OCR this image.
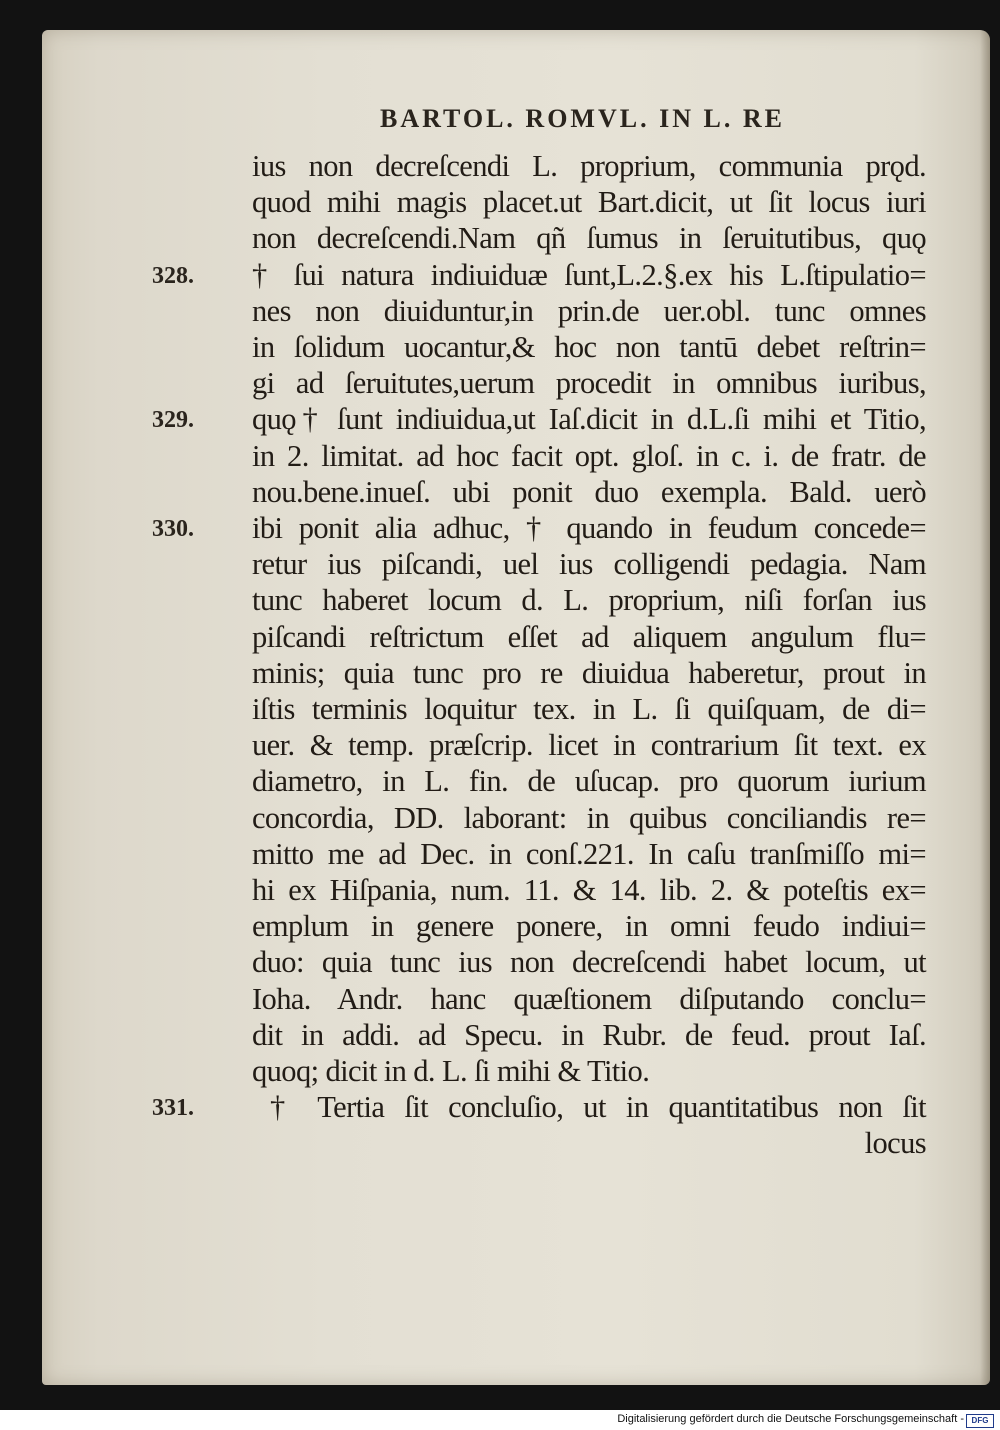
BARTOL. ROMVL. IN L. RE
ius non decreſcendi L. proprium, communia prǫd.
quod mihi magis placet.ut Bart.dicit, ut ſit locus iuri
non decreſcendi.Nam qñ ſumus in ſeruitutibus, quǫ
† ſui natura indiuiduæ ſunt,L.2.§.ex his L.ſtipulatio=
nes non diuiduntur,in prin.de uer.obl. tunc omnes
in ſolidum uocantur,& hoc non tantū debet reſtrin=
gi ad ſeruitutes,uerum procedit in omnibus iuribus,
quǫ† ſunt indiuidua,ut Iaſ.dicit in d.L.ſi mihi et Titio,
in 2. limitat. ad hoc facit opt. gloſ. in c. i. de fratr. de
nou.bene.inueſ. ubi ponit duo exempla. Bald. uerò
ibi ponit alia adhuc, † quando in feudum concede=
retur ius piſcandi, uel ius colligendi pedagia. Nam
tunc haberet locum d. L. proprium, niſi forſan ius
piſcandi reſtrictum eſſet ad aliquem angulum flu=
minis; quia tunc pro re diuidua haberetur, prout in
iſtis terminis loquitur tex. in L. ſi quiſquam, de di=
uer. & temp. præſcrip. licet in contrarium ſit text. ex
diametro, in L. fin. de uſucap. pro quorum iurium
concordia, DD. laborant: in quibus conciliandis re=
mitto me ad Dec. in conſ.221. In caſu tranſmiſſo mi=
hi ex Hiſpania, num. 11. & 14. lib. 2. & poteſtis ex=
emplum in genere ponere, in omni feudo indiui=
duo: quia tunc ius non decreſcendi habet locum, ut
Ioha. Andr. hanc quæſtionem diſputando conclu=
dit in addi. ad Specu. in Rubr. de feud. prout Iaſ.
quoq; dicit in d. L. ſi mihi & Titio.
† Tertia ſit concluſio, ut in quantitatibus non ſit
locus
328.
329.
330.
331.
Digitalisierung gefördert durch die Deutsche Forschungsgemeinschaft - DFG
